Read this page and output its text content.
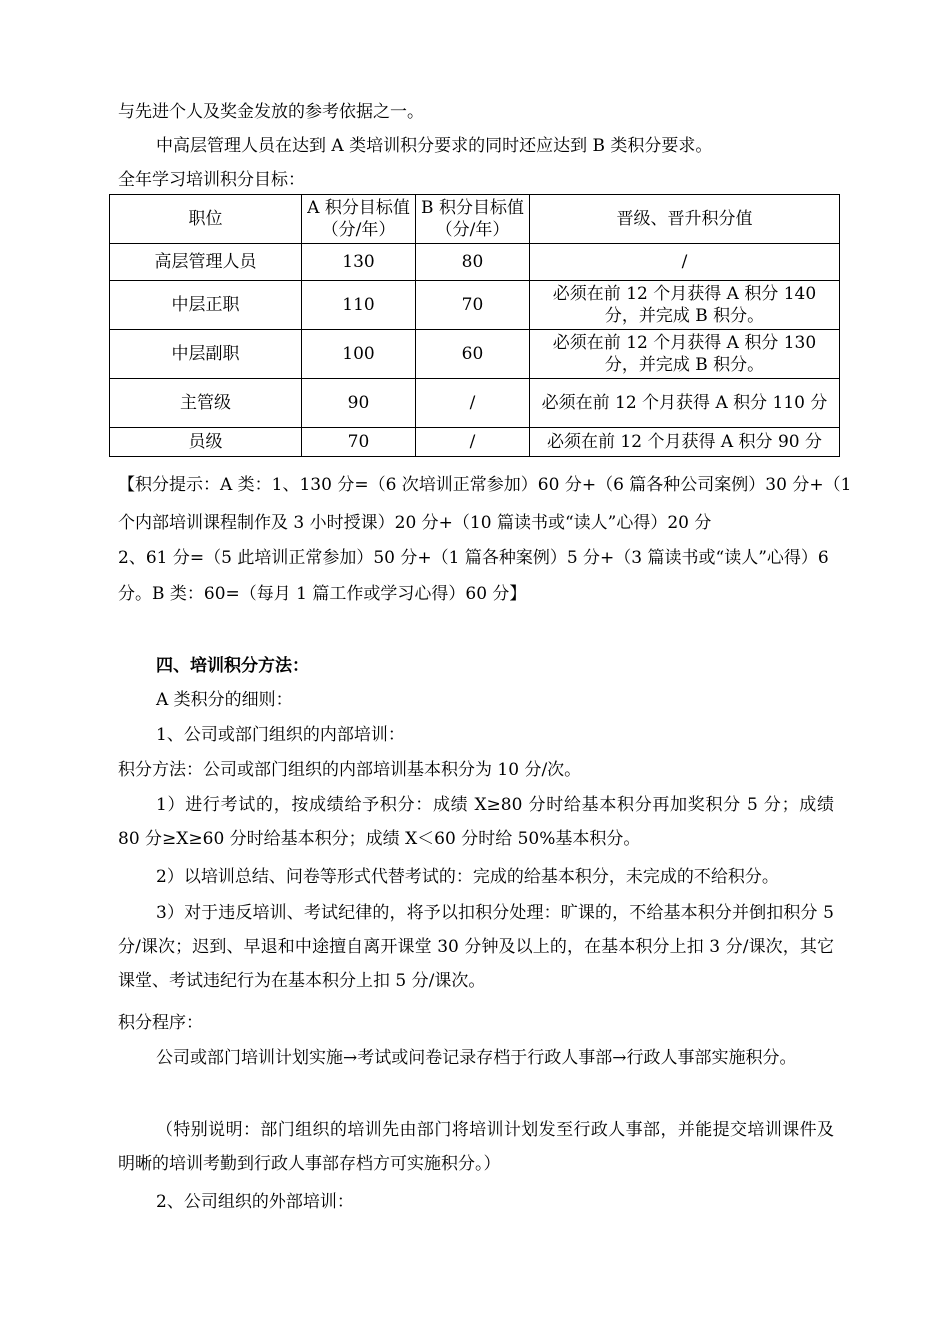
与先进个人及奖金发放的参考依据之一。

中高层管理人员在达到 A 类培训积分要求的同时还应达到 B 类积分要求。

全年学习培训积分目标：

职位	A 积分目标值（分/年）	B 积分目标值（分/年）	晋级、晋升积分值
高层管理人员	130	80	/
中层正职	110	70	必须在前 12 个月获得 A 积分 140 分，并完成 B 积分。
中层副职	100	60	必须在前 12 个月获得 A 积分 130 分，并完成 B 积分。
主管级	90	/	必须在前 12 个月获得 A 积分 110 分
员级	70	/	必须在前 12 个月获得 A 积分 90 分

【积分提示：A 类：1、130 分=（6 次培训正常参加）60 分+（6 篇各种公司案例）30 分+（1

个内部培训课程制作及 3 小时授课）20 分+（10 篇读书或“读人”心得）20 分

2、61 分=（5 此培训正常参加）50 分+（1 篇各种案例）5 分+（3 篇读书或“读人”心得）6

分。B 类：60=（每月 1 篇工作或学习心得）60 分】

四、培训积分方法：

A 类积分的细则：

1、公司或部门组织的内部培训：

积分方法：公司或部门组织的内部培训基本积分为 10 分/次。

1）进行考试的，按成绩给予积分：成绩 X≥80 分时给基本积分再加奖积分 5 分；成绩 80 分≥X≥60 分时给基本积分；成绩 X＜60 分时给 50%基本积分。

2）以培训总结、问卷等形式代替考试的：完成的给基本积分，未完成的不给积分。

3）对于违反培训、考试纪律的，将予以扣积分处理：旷课的，不给基本积分并倒扣积分 5 分/课次；迟到、早退和中途擅自离开课堂 30 分钟及以上的，在基本积分上扣 3 分/课次，其它课堂、考试违纪行为在基本积分上扣 5 分/课次。

积分程序：

公司或部门培训计划实施→考试或问卷记录存档于行政人事部→行政人事部实施积分。

（特别说明：部门组织的培训先由部门将培训计划发至行政人事部，并能提交培训课件及明晰的培训考勤到行政人事部存档方可实施积分。）

2、公司组织的外部培训：
